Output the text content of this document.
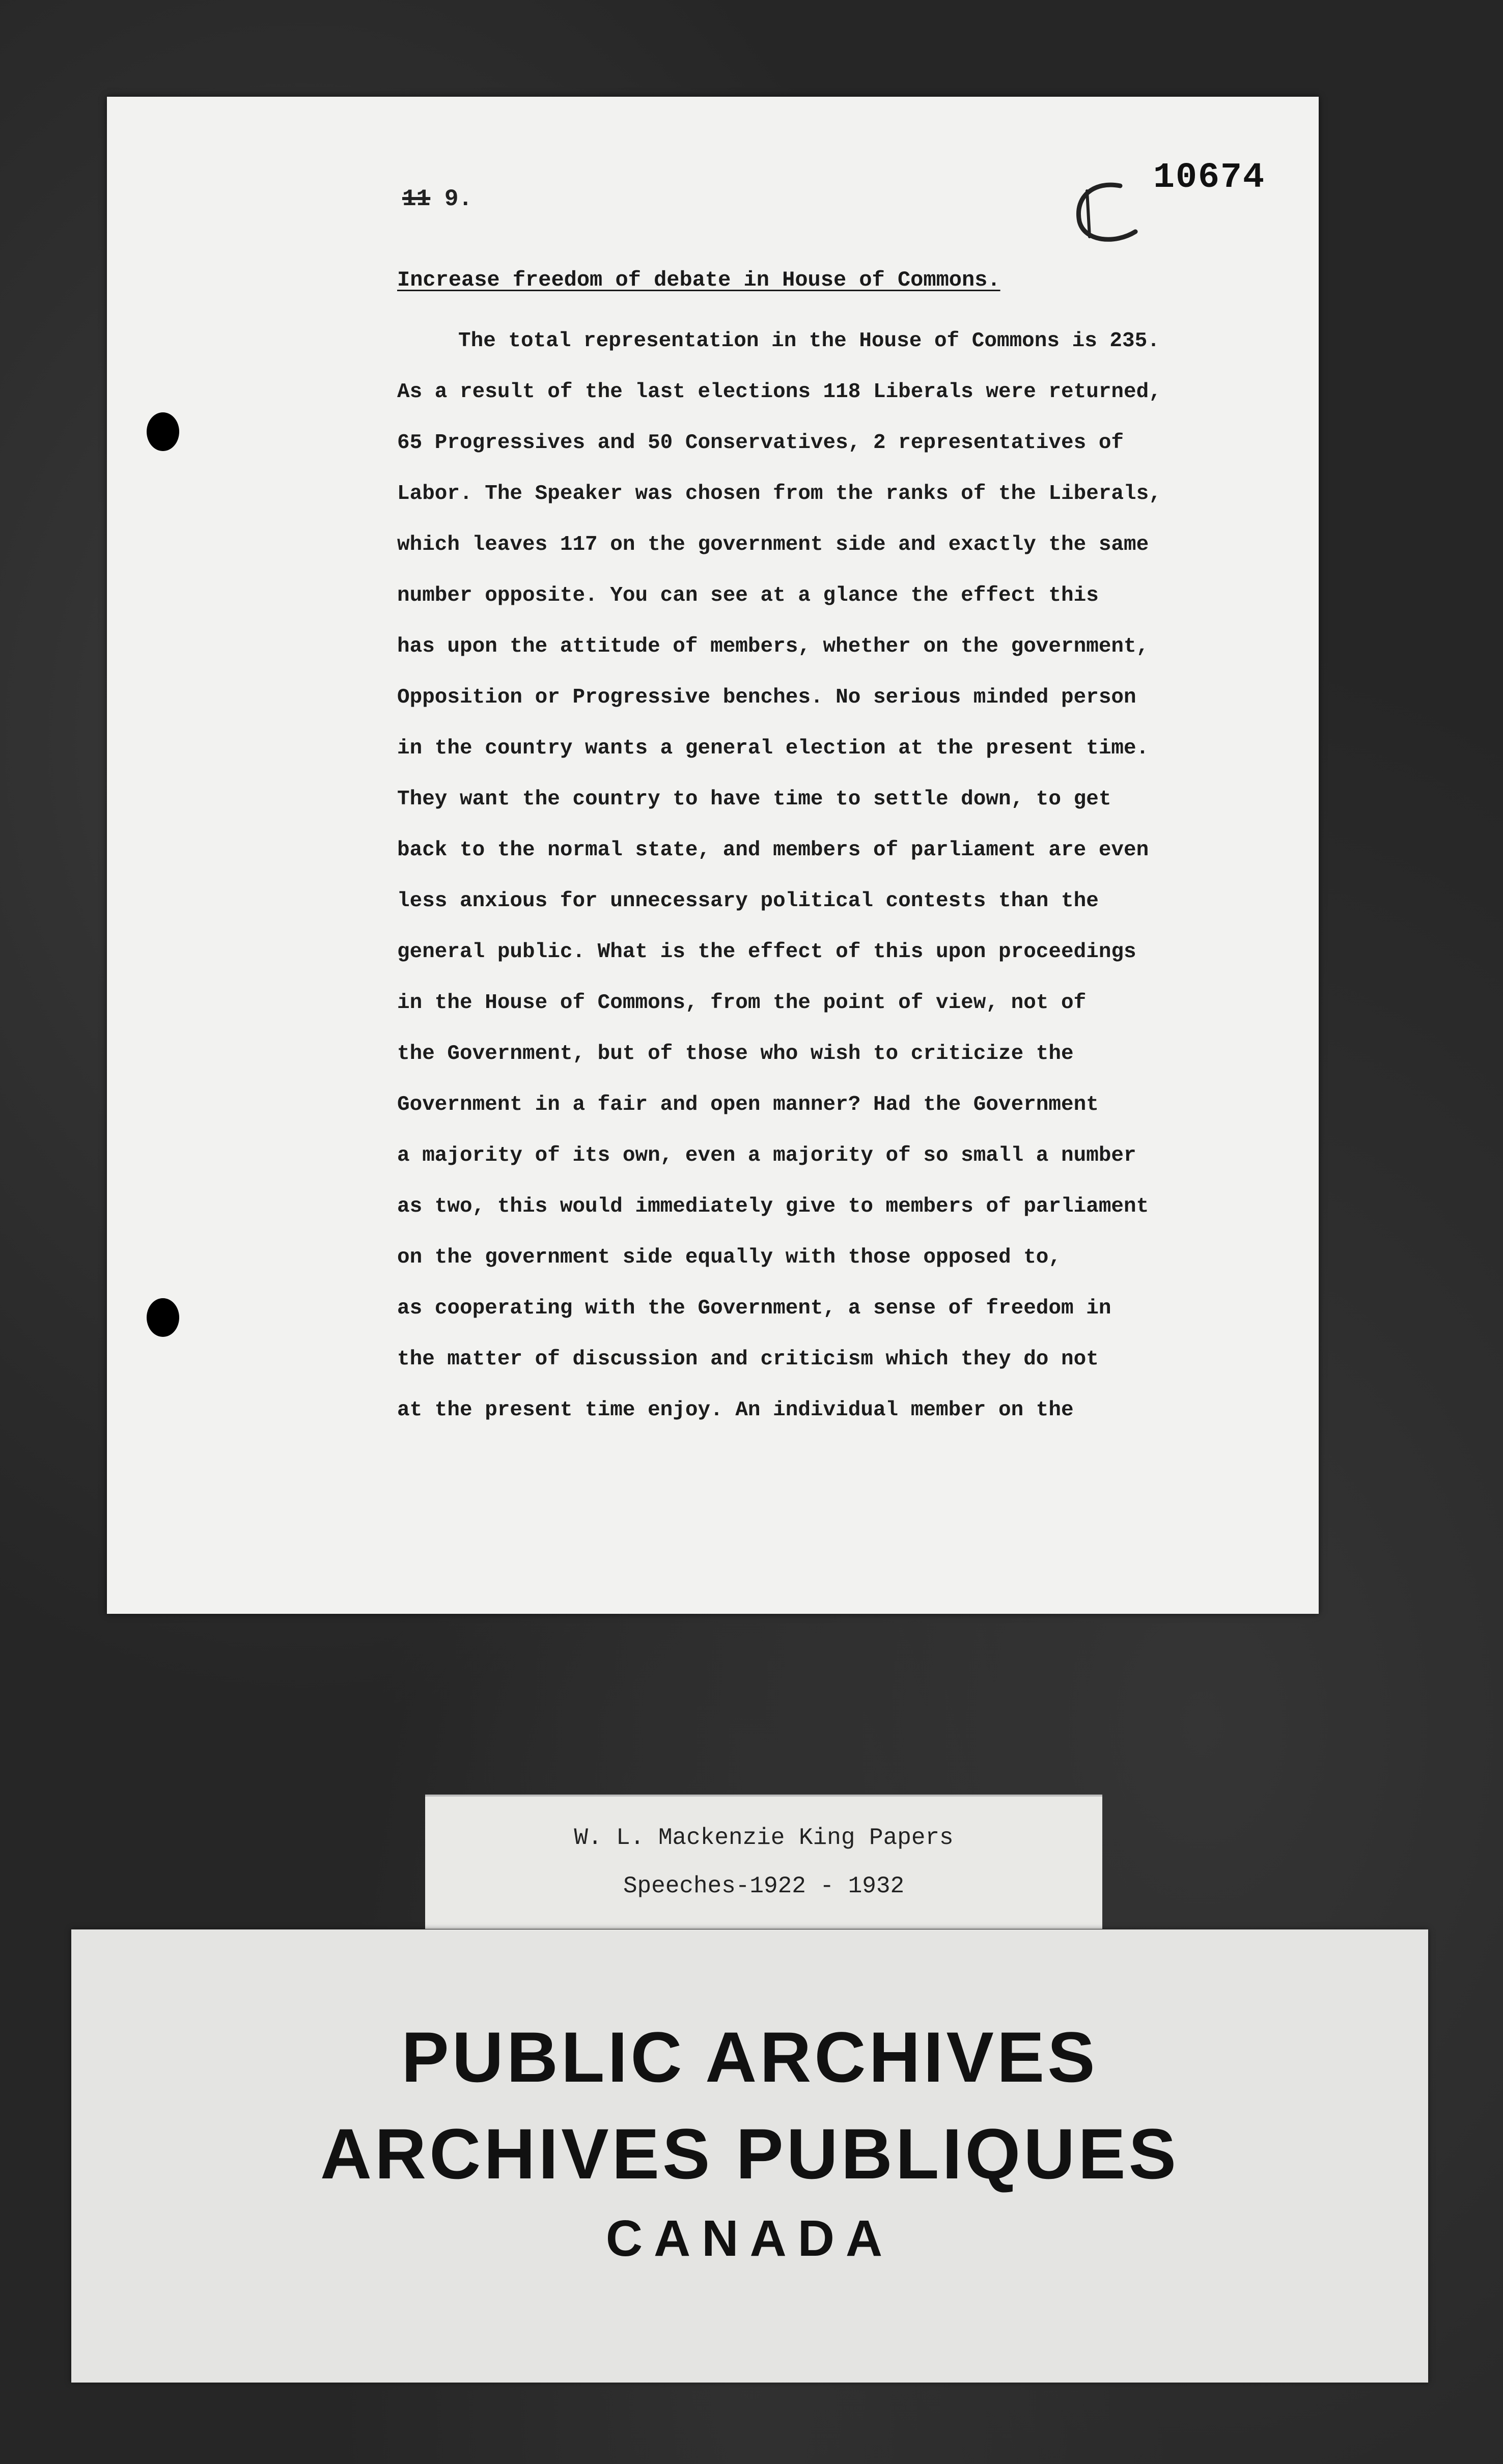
11 9.
10674
Increase freedom of debate in House of Commons.
The total representation in the House of Commons is 235.
As a result of the last elections 118 Liberals were returned,
65 Progressives and 50 Conservatives, 2 representatives of
Labor. The Speaker was chosen from the ranks of the Liberals,
which leaves 117 on the government side and exactly the same
number opposite. You can see at a glance the effect this
has upon the attitude of members, whether on the government,
Opposition or Progressive benches. No serious minded person
in the country wants a general election at the present time.
They want the country to have time to settle down, to get
back to the normal state, and members of parliament are even
less anxious for unnecessary political contests than the
general public. What is the effect of this upon proceedings
in the House of Commons, from the point of view, not of
the Government, but of those who wish to criticize the
Government in a fair and open manner? Had the Government
a majority of its own, even a majority of so small a number
as two, this would immediately give to members of parliament
on the government side equally with those opposed to,
as cooperating with the Government, a sense of freedom in
the matter of discussion and criticism which they do not
at the present time enjoy. An individual member on the
W. L. Mackenzie King Papers
Speeches-1922 - 1932
PUBLIC ARCHIVES
ARCHIVES PUBLIQUES
CANADA
